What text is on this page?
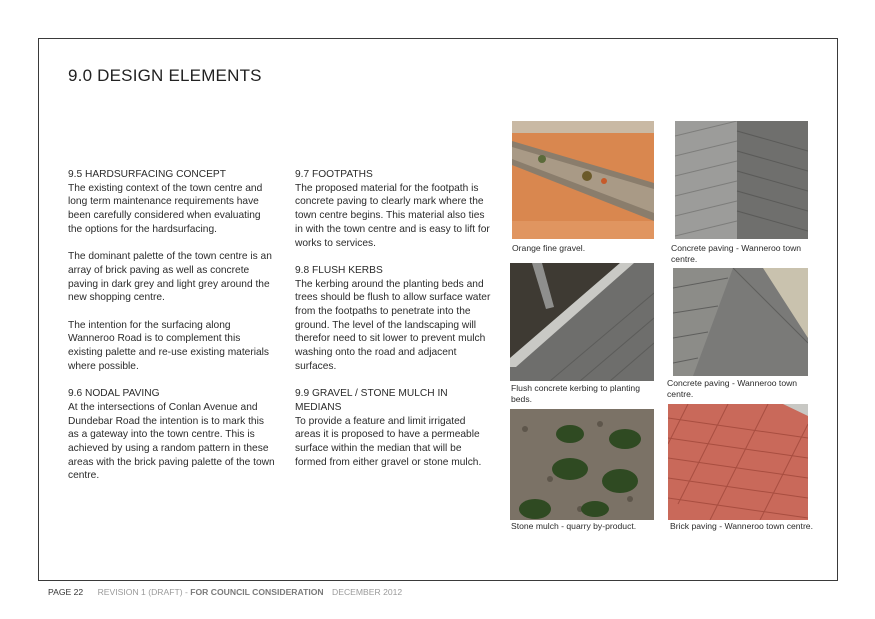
9.0 DESIGN ELEMENTS
9.5 HARDSURFACING CONCEPT

The existing context of the town centre and long term maintenance requirements have been carefully considered when evaluating the options for the hardsurfacing.

The dominant palette of the town centre is an array of brick paving as well as concrete paving in dark grey and light grey around the new shopping centre.

The intention for the surfacing along Wanneroo Road is to complement this existing palette and re-use existing materials where possible.

9.6 NODAL PAVING

At the intersections of Conlan Avenue and Dundebar Road the intention is to mark this as a gateway into the town centre. This is achieved by using a random pattern in these areas with the brick paving palette of the town centre.

9.7 FOOTPATHS

The proposed material for the footpath is concrete paving to clearly mark where the town centre begins. This material also ties in with the town centre and is easy to lift for works to services.

9.8 FLUSH KERBS

The kerbing around the planting beds and trees should be flush to allow surface water from the footpaths to penetrate into the ground. The level of the landscaping will therefor need to sit lower to prevent mulch washing onto the road and adjacent surfaces.

9.9 GRAVEL / STONE MULCH IN MEDIANS

To provide a feature and limit irrigated areas it is proposed to have a permeable surface within the median that will be formed from either gravel or stone mulch.

Orange fine gravel.	Concrete paving - Wanneroo town centre.
Flush concrete kerbing to planting beds.
Concrete paving - Wanneroo town centre.
Stone mulch - quarry by-product.	Brick paving - Wanneroo town centre.
PAGE 22 REVISION 1 (DRAFT) - FOR COUNCIL CONSIDERATION DECEMBER 2012
